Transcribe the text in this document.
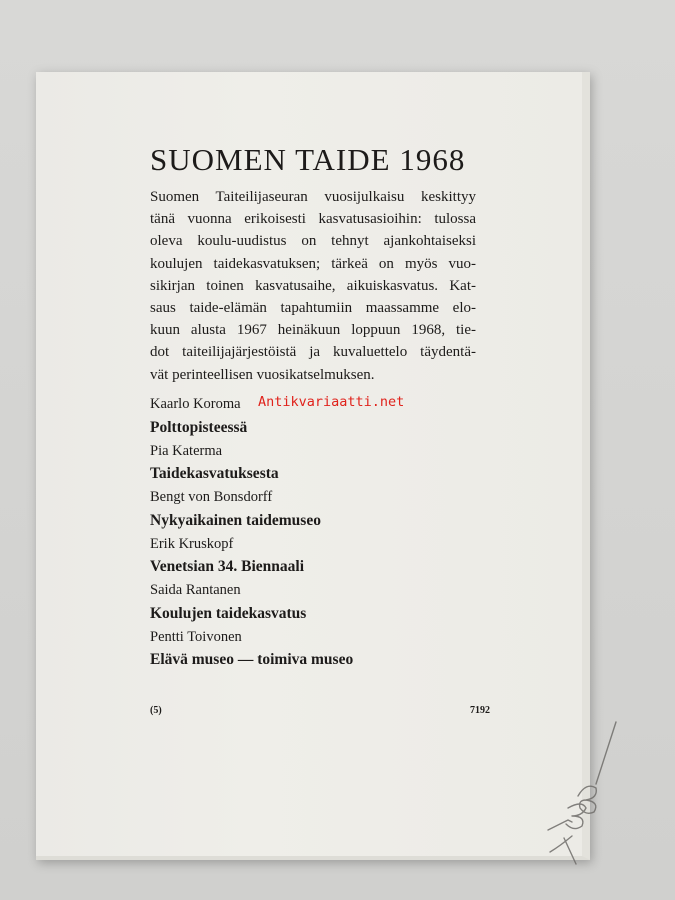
SUOMEN TAIDE 1968
Suomen Taiteilijaseuran vuosijulkaisu keskittyy
tänä vuonna erikoisesti kasvatusasioihin: tulossa
oleva koulu-uudistus on tehnyt ajankohtaiseksi
koulujen taidekasvatuksen; tärkeä on myös vuo-
sikirjan toinen kasvatusaihe, aikuiskasvatus. Kat-
saus taide-elämän tapahtumiin maassamme elo-
kuun alusta 1967 heinäkuun loppuun 1968, tie-
dot taiteilijajärjestöistä ja kuvaluettelo täydentä-
vät perinteellisen vuosikatselmuksen.
Kaarlo Koroma
Polttopisteessä
Pia Katerma
Taidekasvatuksesta
Bengt von Bonsdorff
Nykyaikainen taidemuseo
Erik Kruskopf
Venetsian 34. Biennaali
Saida Rantanen
Koulujen taidekasvatus
Pentti Toivonen
Elävä museo — toimiva museo
(5)	7192
Antikvariaatti.net
